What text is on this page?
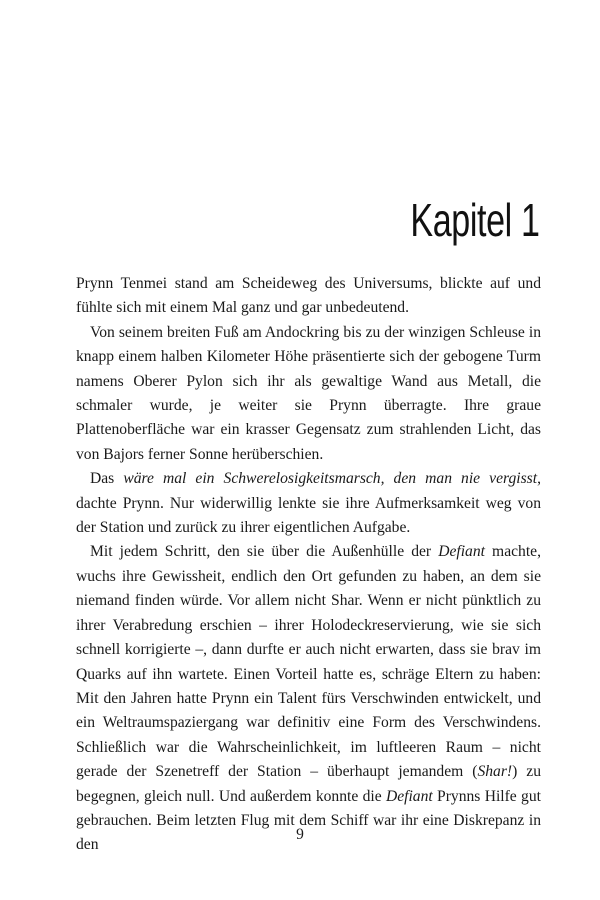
Kapitel 1

Prynn Tenmei stand am Scheideweg des Universums, blickte auf und fühlte sich mit einem Mal ganz und gar unbedeutend.

Von seinem breiten Fuß am Andockring bis zu der winzigen Schleuse in knapp einem halben Kilometer Höhe präsentierte sich der gebogene Turm namens Oberer Pylon sich ihr als gewaltige Wand aus Metall, die schmaler wurde, je weiter sie Prynn überragte. Ihre graue Plattenoberfläche war ein krasser Gegensatz zum strahlenden Licht, das von Bajors ferner Sonne herüberschien.

Das wäre mal ein Schwerelosigkeitsmarsch, den man nie vergisst, dachte Prynn. Nur widerwillig lenkte sie ihre Aufmerksamkeit weg von der Station und zurück zu ihrer eigentlichen Aufgabe.

Mit jedem Schritt, den sie über die Außenhülle der Defiant machte, wuchs ihre Gewissheit, endlich den Ort gefunden zu haben, an dem sie niemand finden würde. Vor allem nicht Shar. Wenn er nicht pünktlich zu ihrer Verabredung erschien – ihrer Holodeckreservierung, wie sie sich schnell korrigierte –, dann durfte er auch nicht erwarten, dass sie brav im Quarks auf ihn wartete. Einen Vorteil hatte es, schräge Eltern zu haben: Mit den Jahren hatte Prynn ein Talent fürs Verschwinden entwickelt, und ein Weltraumspaziergang war definitiv eine Form des Verschwindens. Schließlich war die Wahrscheinlichkeit, im luftleeren Raum – nicht gerade der Szenetreff der Station – überhaupt jemandem (Shar!) zu begegnen, gleich null. Und außerdem konnte die Defiant Prynns Hilfe gut gebrauchen. Beim letzten Flug mit dem Schiff war ihr eine Diskrepanz in den

9
